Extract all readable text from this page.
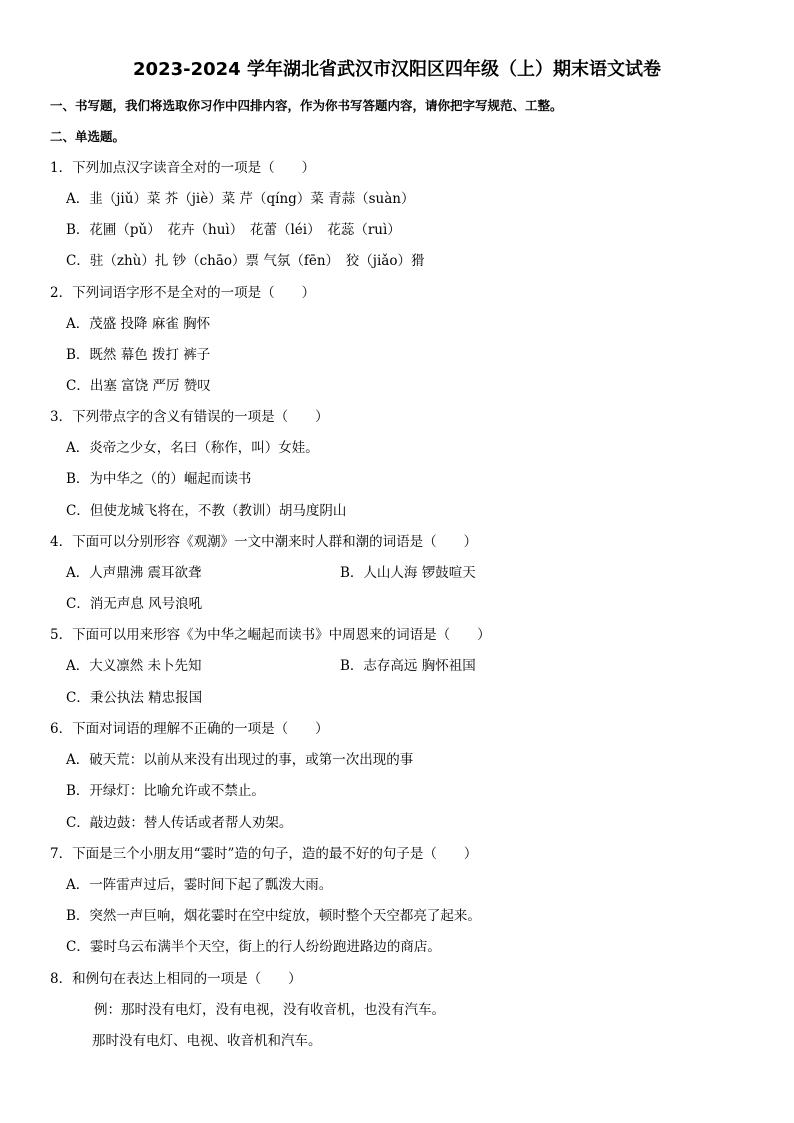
2023-2024 学年湖北省武汉市汉阳区四年级（上）期末语文试卷
一、书写题，我们将选取你习作中四排内容，作为你书写答题内容，请你把字写规范、工整。
二、单选题。
1．下列加点汉字读音全对的一项是（　　）
A．韭（jiǔ）菜 芥（jiè）菜 芹（qíng）菜 青蒜（suàn）
B．花圃（pǔ）　花卉（huì）　花蕾（léi）　花蕊（ruì）
C．驻（zhù）扎 钞（chāo）票 气氛（fēn）　狡（jiǎo）猾
2．下列词语字形不是全对的一项是（　　）
A．茂盛 投降 麻雀 胸怀
B．既然 幕色 拨打 裤子
C．出塞 富饶 严厉 赞叹
3．下列带点字的含义有错误的一项是（　　）
A．炎帝之少女，名曰（称作，叫）女娃。
B．为中华之（的）崛起而读书
C．但使龙城飞将在，不教（教训）胡马度阴山
4．下面可以分别形容《观潮》一文中潮来时人群和潮的词语是（　　）
A．人声鼎沸 震耳欲聋	B．人山人海 锣鼓喧天
C．消无声息 风号浪吼
5．下面可以用来形容《为中华之崛起而读书》中周恩来的词语是（　　）
A．大义凛然 未卜先知	B．志存高远 胸怀祖国
C．秉公执法 精忠报国
6．下面对词语的理解不正确的一项是（　　）
A．破天荒：以前从来没有出现过的事，或第一次出现的事
B．开绿灯：比喻允许或不禁止。
C．敲边鼓：替人传话或者帮人劝架。
7．下面是三个小朋友用“霎时”造的句子，造的最不好的句子是（　　）
A．一阵雷声过后，霎时间下起了瓢泼大雨。
B．突然一声巨响，烟花霎时在空中绽放，顿时整个天空都亮了起来。
C．霎时乌云布满半个天空，街上的行人纷纷跑进路边的商店。
8．和例句在表达上相同的一项是（　　）
例：那时没有电灯，没有电视，没有收音机，也没有汽车。
那时没有电灯、电视、收音机和汽车。
